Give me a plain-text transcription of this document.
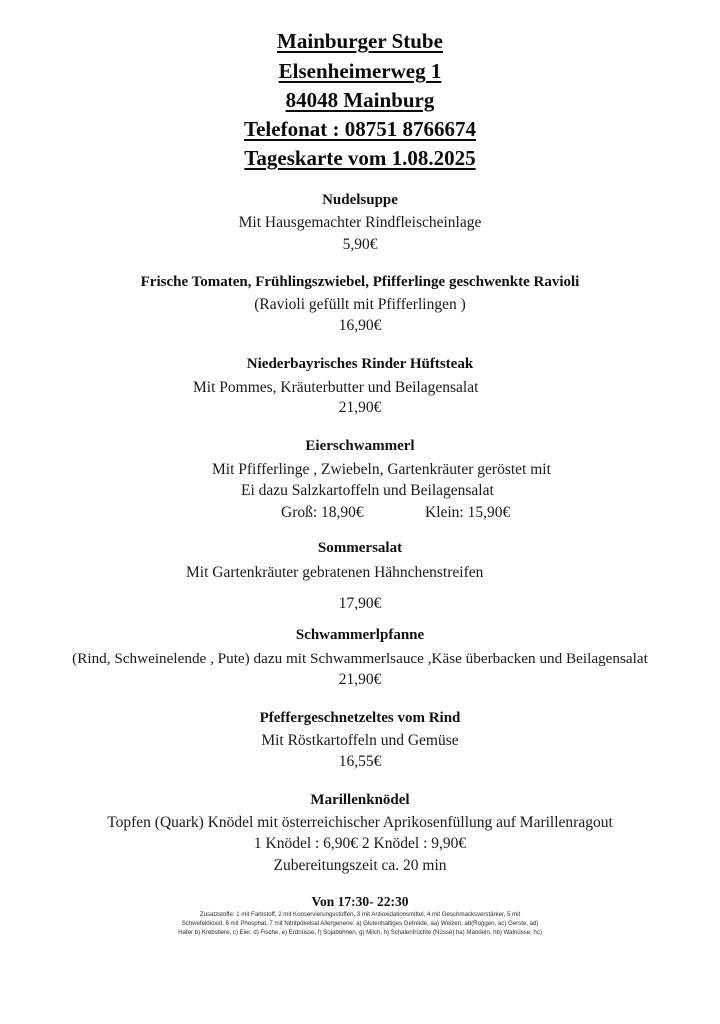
Mainburger Stube
Elsenheimerweg 1
84048 Mainburg
Telefonat : 08751 8766674
Tageskarte vom 1.08.2025
Nudelsuppe
Mit Hausgemachter Rindfleischeinlage
5,90€
Frische Tomaten, Frühlingszwiebel, Pfifferlinge geschwenkte Ravioli
(Ravioli gefüllt mit Pfifferlingen )
16,90€
Niederbayrisches Rinder Hüftsteak
Mit Pommes, Kräuterbutter und Beilagensalat
21,90€
Eierschwammerl
Mit Pfifferlinge , Zwiebeln, Gartenkräuter geröstet mit
Ei dazu Salzkartoffeln und Beilagensalat
Groß: 18,90€	Klein: 15,90€
Sommersalat
Mit Gartenkräuter gebratenen Hähnchenstreifen
17,90€
Schwammerlpfanne
(Rind, Schweinelende , Pute) dazu mit Schwammerlsauce ,Käse überbacken und Beilagensalat
21,90€
Pfeffergeschnetzeltes vom Rind
Mit Röstkartoffeln und Gemüse
16,55€
Marillenknödel
Topfen (Quark) Knödel mit österreichischer Aprikosenfüllung auf Marillenragout
1 Knödel : 6,90€ 2 Knödel : 9,90€
Zubereitungszeit ca. 20 min
Von 17:30- 22:30
Zusatzstoffe: 1 mit Farbstoff, 2 mit Konservierungsstoffen, 3 mit Antioxidationsmittel, 4 mit Geschmacksverstärker, 5 mit
Schwefeldioxid, 6 mit Phosphat, 7 mit Nitritpökelsal Allergenene: a) Glutenhaltiges Getreide, aa) Weizen, ab(Roggen, ac) Gerste, ad)
Hafer b) Krebstiere, c) Eier, d) Fische, e) Erdnüsse, f) Sojabohnen, g) Milch, h) Schalenfrüchte (Nüsse) ha) Mandeln, hb) Walnüsse; hc)
